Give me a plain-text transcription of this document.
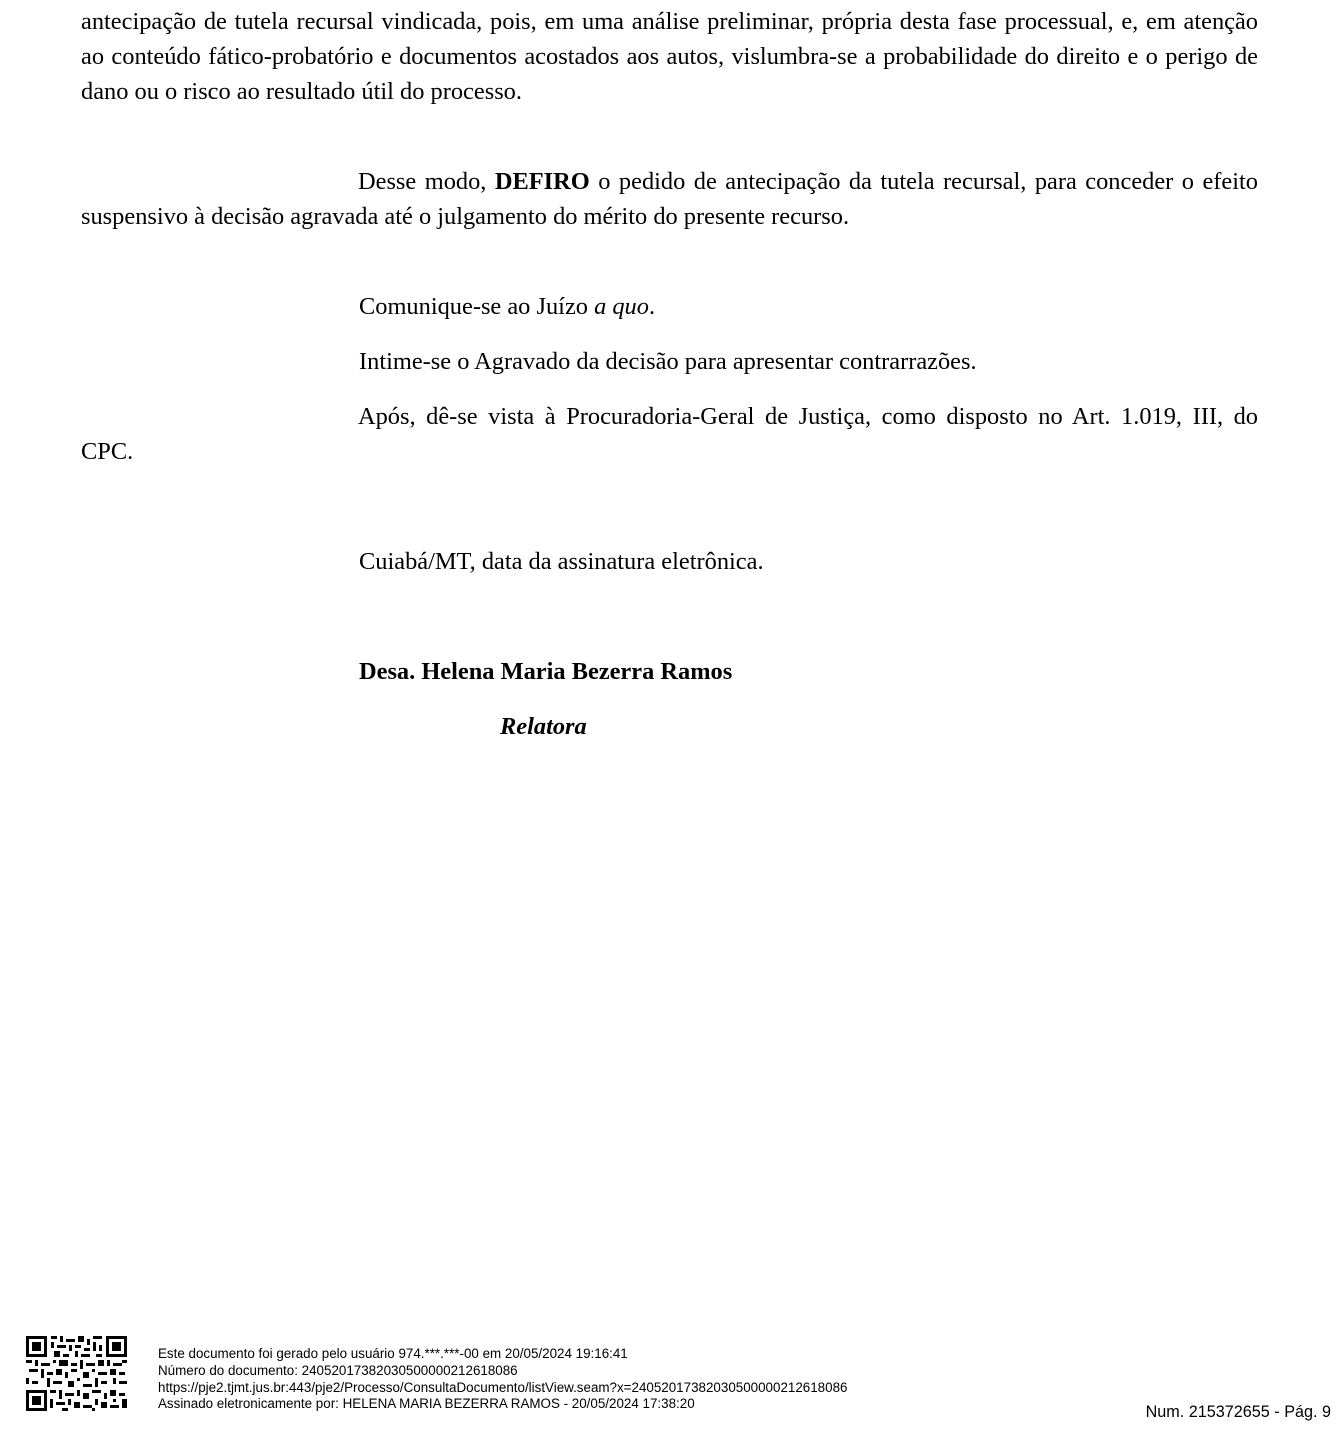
antecipação de tutela recursal vindicada, pois, em uma análise preliminar, própria desta fase processual, e, em atenção ao conteúdo fático-probatório e documentos acostados aos autos, vislumbra-se a probabilidade do direito e o perigo de dano ou o risco ao resultado útil do processo.

Desse modo, DEFIRO o pedido de antecipação da tutela recursal, para conceder o efeito suspensivo à decisão agravada até o julgamento do mérito do presente recurso.

Comunique-se ao Juízo a quo.

Intime-se o Agravado da decisão para apresentar contrarrazões.

Após, dê-se vista à Procuradoria-Geral de Justiça, como disposto no Art. 1.019, III, do CPC.

Cuiabá/MT, data da assinatura eletrônica.

Desa. Helena Maria Bezerra Ramos

Relatora

Este documento foi gerado pelo usuário 974.***.***-00 em 20/05/2024 19:16:41
Número do documento: 24052017382030500000212618086
https://pje2.tjmt.jus.br:443/pje2/Processo/ConsultaDocumento/listView.seam?x=24052017382030500000212618086
Assinado eletronicamente por: HELENA MARIA BEZERRA RAMOS - 20/05/2024 17:38:20	Num. 215372655 - Pág. 9
